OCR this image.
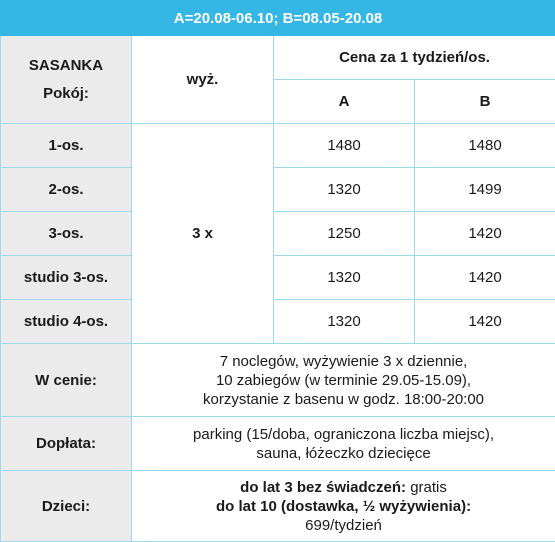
A=20.08-06.10; B=08.05-20.08			

SASANKA
Pokój:	wyż.	Cena za 1 tydzień/os.	
		A	B
1-os.	3 x	1480	1480
2-os.		1320	1499
3-os.		1250	1420
studio 3-os.		1320	1420
studio 4-os.		1320	1420
W cenie:	7 noclegów, wyżywienie 3 x dziennie,
10 zabiegów (w terminie 29.05-15.09),
korzystanie z basenu w godz. 18:00-20:00		

Dopłata:	parking (15/doba, ograniczona liczba miejsc),
sauna, łóżeczko dziecięce		

Dzieci:	do lat 3 bez świadczeń: gratis
do lat 10 (dostawka, ½ wyżywienia):
699/tydzień		
